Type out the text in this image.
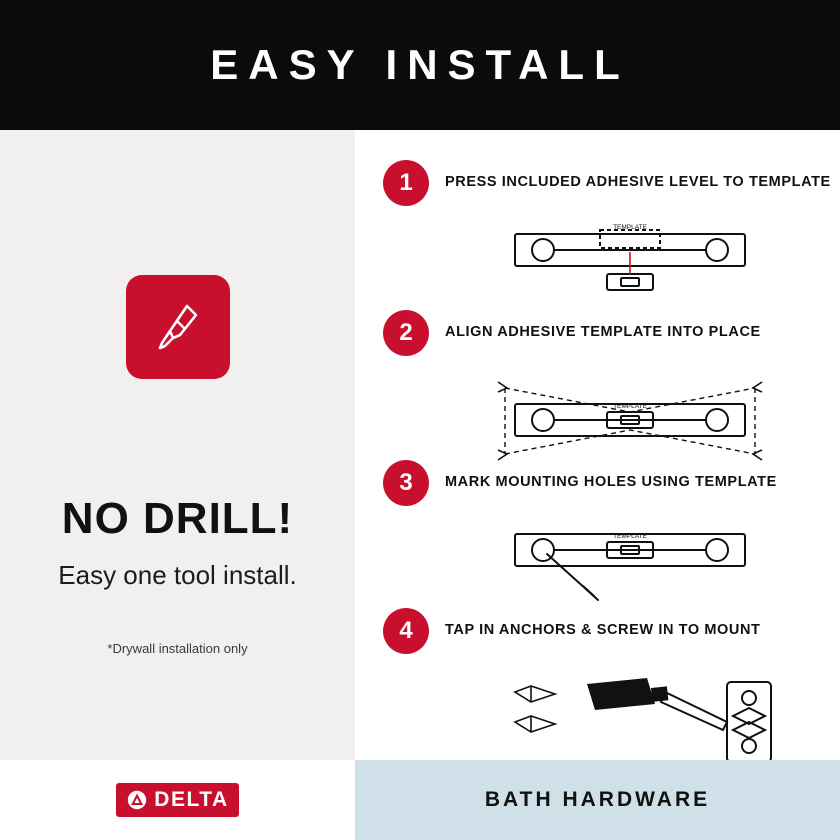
EASY INSTALL
NO DRILL!
Easy one tool install.
*Drywall installation only
1	PRESS INCLUDED ADHESIVE LEVEL TO TEMPLATE
TEMPLATE
2	ALIGN ADHESIVE TEMPLATE INTO PLACE
TEMPLATE
3	MARK MOUNTING HOLES USING TEMPLATE
TEMPLATE
4	TAP IN ANCHORS & SCREW IN TO MOUNT
DELTA	BATH HARDWARE
